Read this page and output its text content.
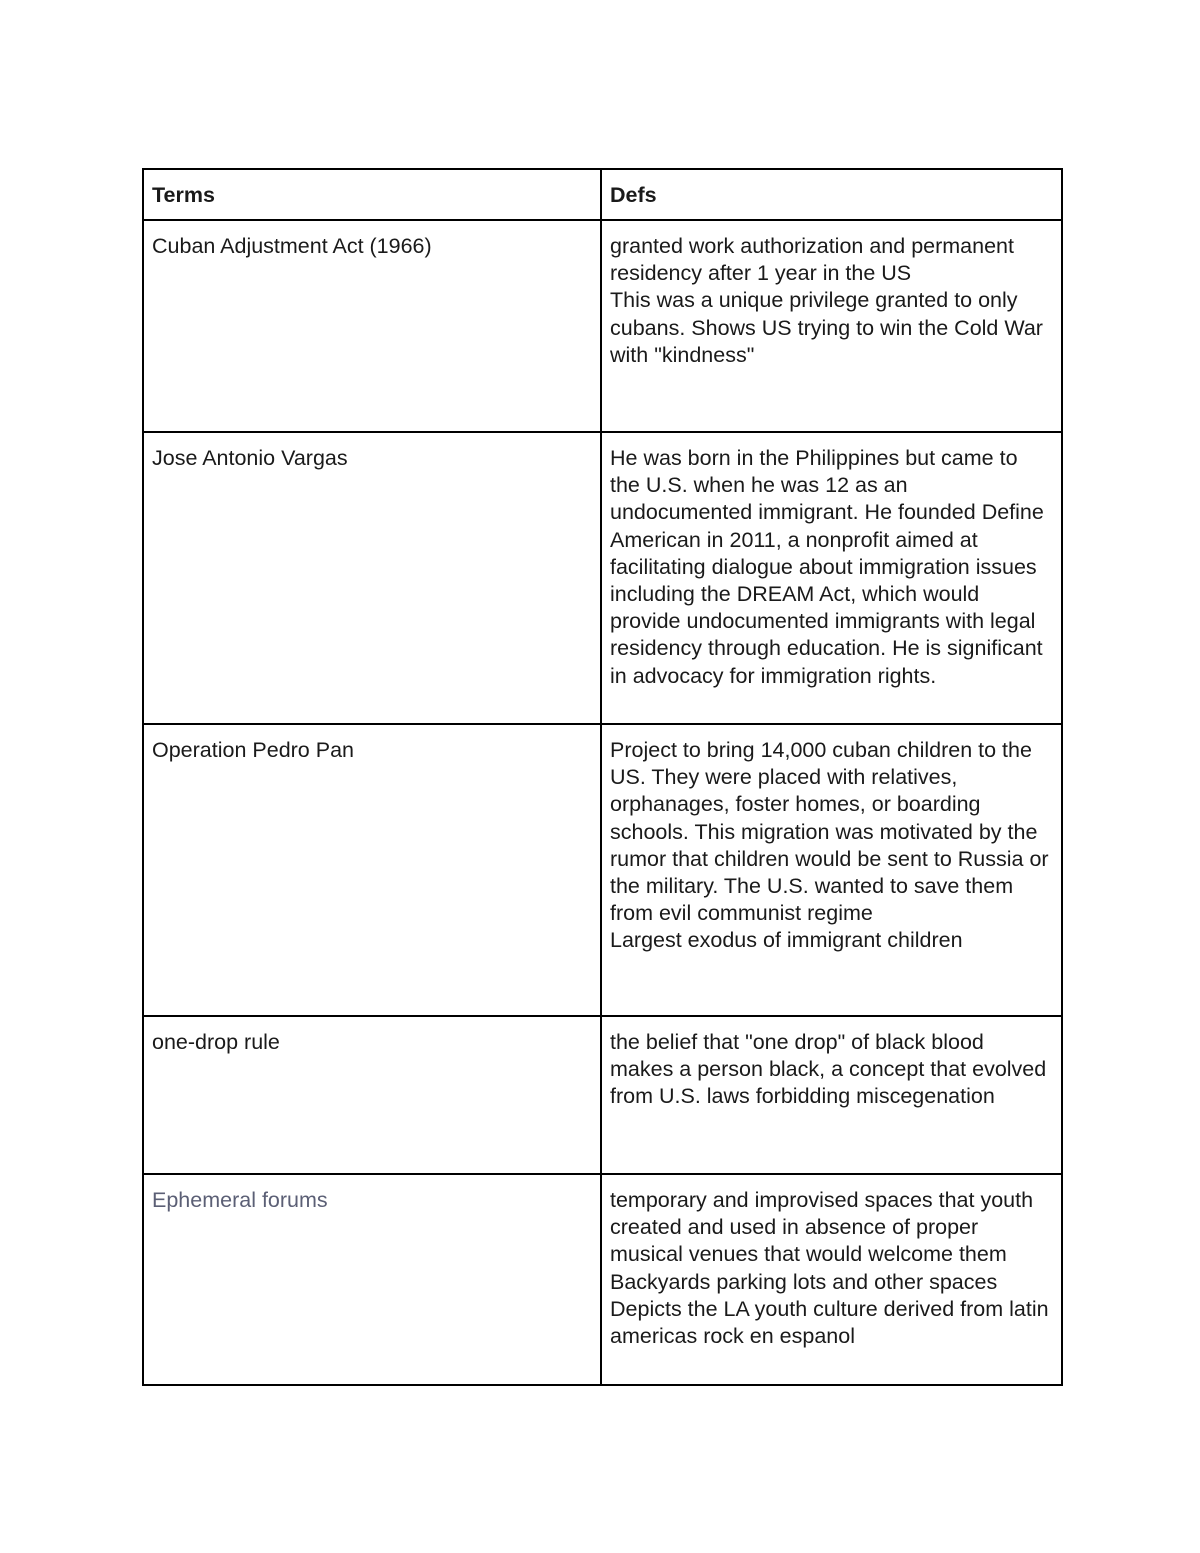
Terms	Defs
Cuban Adjustment Act (1966)	granted work authorization and permanent residency after 1 year in the US
This was a unique privilege granted to only cubans. Shows US trying to win the Cold War with "kindness"

Jose Antonio Vargas	He was born in the Philippines but came to the U.S. when he was 12 as an undocumented immigrant. He founded Define American in 2011, a nonprofit aimed at facilitating dialogue about immigration issues including the DREAM Act, which would provide undocumented immigrants with legal residency through education. He is significant in advocacy for immigration rights.

Operation Pedro Pan	Project to bring 14,000 cuban children to the US. They were placed with relatives, orphanages, foster homes, or boarding schools. This migration was motivated by the rumor that children would be sent to Russia or the military. The U.S. wanted to save them from evil communist regime
Largest exodus of immigrant children

one-drop rule	the belief that "one drop" of black blood makes a person black, a concept that evolved from U.S. laws forbidding miscegenation

Ephemeral forums	temporary and improvised spaces that youth created and used in absence of proper musical venues that would welcome them
Backyards parking lots and other spaces
Depicts the LA youth culture derived from latin americas rock en espanol
